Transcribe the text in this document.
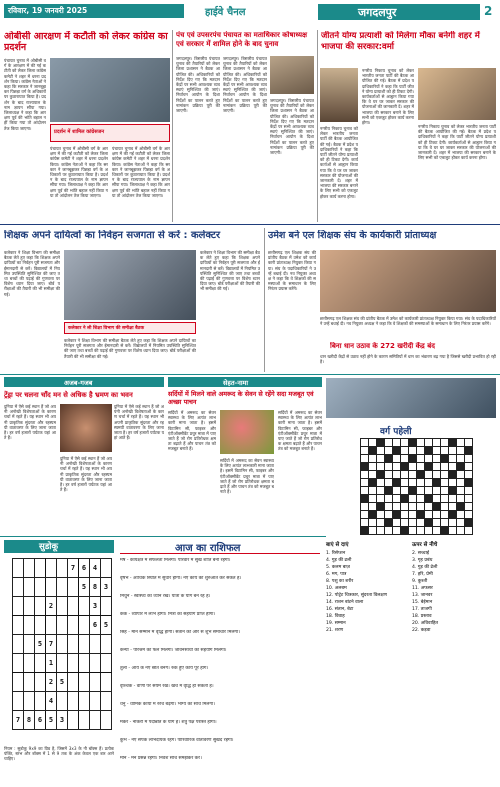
रविवार, 19 जनवरी 2025	हाईवे चैनल	जगदलपुर	2
ओबीसी आरक्षण में कटौती को लेकर कांग्रेस का प्रदर्शन
पंचायत चुनाव में ओबीसी वर्ग के आरक्षण में की गई कटौती को लेकर जिला कांग्रेस कमेटी ने शहर में धरना प्रदर्शन किया। कांग्रेस नेताओं ने कहा कि सरकार ने जानबूझकर पिछड़ा वर्ग के अधिकारों पर कुठाराघात किया है। प्रदर्शन के बाद राज्यपाल के नाम ज्ञापन सौंपा गया। जिलाध्यक्ष ने कहा कि आरक्षण पूर्व की भांति बहाल नहीं किया गया तो आंदोलन तेज किया जाएगा।
प्रदर्शन में शामिल कांग्रेसजन
पंचायत चुनाव में ओबीसी वर्ग के आरक्षण में की गई कटौती को लेकर जिला कांग्रेस कमेटी ने शहर में धरना प्रदर्शन किया। कांग्रेस नेताओं ने कहा कि सरकार ने जानबूझकर पिछड़ा वर्ग के अधिकारों पर कुठाराघात किया है। प्रदर्शन के बाद राज्यपाल के नाम ज्ञापन सौंपा गया। जिलाध्यक्ष ने कहा कि आरक्षण पूर्व की भांति बहाल नहीं किया गया तो आंदोलन तेज किया जाएगा।
पंचायत चुनाव में ओबीसी वर्ग के आरक्षण में की गई कटौती को लेकर जिला कांग्रेस कमेटी ने शहर में धरना प्रदर्शन किया। कांग्रेस नेताओं ने कहा कि सरकार ने जानबूझकर पिछड़ा वर्ग के अधिकारों पर कुठाराघात किया है। प्रदर्शन के बाद राज्यपाल के नाम ज्ञापन सौंपा गया। जिलाध्यक्ष ने कहा कि आरक्षण पूर्व की भांति बहाल नहीं किया गया तो आंदोलन तेज किया जाएगा।
पंच एवं उपसरपंच पंचायत का मताधिकार कोषाध्यक्ष एवं सरकार में शामिल होने के बाद चुनाव
जगदलपुर। त्रिस्तरीय पंचायत चुनाव की तैयारियों को लेकर जिला प्रशासन ने बैठक आयोजित की। अधिकारियों को निर्देश दिए गए कि मतदान केंद्रों पर सभी आवश्यक व्यवस्थाएं सुनिश्चित की जाएं। निर्वाचन आयोग के दिशा निर्देशों का पालन करते हुए नामांकन प्रक्रिया पूरी की जाएगी।
जगदलपुर। त्रिस्तरीय पंचायत चुनाव की तैयारियों को लेकर जिला प्रशासन ने बैठक आयोजित की। अधिकारियों को निर्देश दिए गए कि मतदान केंद्रों पर सभी आवश्यक व्यवस्थाएं सुनिश्चित की जाएं। निर्वाचन आयोग के दिशा निर्देशों का पालन करते हुए नामांकन प्रक्रिया पूरी की जाएगी।
जगदलपुर। त्रिस्तरीय पंचायत चुनाव की तैयारियों को लेकर जिला प्रशासन ने बैठक आयोजित की। अधिकारियों को निर्देश दिए गए कि मतदान केंद्रों पर सभी आवश्यक व्यवस्थाएं सुनिश्चित की जाएं। निर्वाचन आयोग के दिशा निर्देशों का पालन करते हुए नामांकन प्रक्रिया पूरी की जाएगी।
जीतने योग्य प्रत्याशी को मिलेगा मौका बनेगी शहर में भाजपा की सरकार:वर्मा
नगरीय निकाय चुनाव को लेकर भारतीय जनता पार्टी की बैठक आयोजित की गई। बैठक में प्रदेश पदाधिकारियों ने कहा कि पार्टी जीतने योग्य प्रत्याशी को ही टिकट देगी। कार्यकर्ताओं से आह्वान किया गया कि वे घर घर जाकर सरकार की योजनाओं की जानकारी दें। शहर में भाजपा की सरकार बनाने के लिए सभी को एकजुट होकर कार्य करना होगा।
नगरीय निकाय चुनाव को लेकर भारतीय जनता पार्टी की बैठक आयोजित की गई। बैठक में प्रदेश पदाधिकारियों ने कहा कि पार्टी जीतने योग्य प्रत्याशी को ही टिकट देगी। कार्यकर्ताओं से आह्वान किया गया कि वे घर घर जाकर सरकार की योजनाओं की जानकारी दें। शहर में भाजपा की सरकार बनाने के लिए सभी को एकजुट होकर कार्य करना होगा।
नगरीय निकाय चुनाव को लेकर भारतीय जनता पार्टी की बैठक आयोजित की गई। बैठक में प्रदेश पदाधिकारियों ने कहा कि पार्टी जीतने योग्य प्रत्याशी को ही टिकट देगी। कार्यकर्ताओं से आह्वान किया गया कि वे घर घर जाकर सरकार की योजनाओं की जानकारी दें। शहर में भाजपा की सरकार बनाने के लिए सभी को एकजुट होकर कार्य करना होगा।
शिक्षक अपने दायित्वों का निर्वहन सजगता से करें : कलेक्टर
कलेक्टर ने शिक्षा विभाग की समीक्षा बैठक लेते हुए कहा कि शिक्षक अपने दायित्वों का निर्वहन पूरी सजगता और ईमानदारी से करें। विद्यालयों में नियमित उपस्थिति सुनिश्चित की जाए तथा बच्चों की पढ़ाई की गुणवत्ता पर विशेष ध्यान दिया जाए। बोर्ड परीक्षाओं की तैयारी की भी समीक्षा की गई।
कलेक्टर ने ली शिक्षा विभाग की समीक्षा बैठक
कलेक्टर ने शिक्षा विभाग की समीक्षा बैठक लेते हुए कहा कि शिक्षक अपने दायित्वों का निर्वहन पूरी सजगता और ईमानदारी से करें। विद्यालयों में नियमित उपस्थिति सुनिश्चित की जाए तथा बच्चों की पढ़ाई की गुणवत्ता पर विशेष ध्यान दिया जाए। बोर्ड परीक्षाओं की तैयारी की भी समीक्षा की गई।
कलेक्टर ने शिक्षा विभाग की समीक्षा बैठक लेते हुए कहा कि शिक्षक अपने दायित्वों का निर्वहन पूरी सजगता और ईमानदारी से करें। विद्यालयों में नियमित उपस्थिति सुनिश्चित की जाए तथा बच्चों की पढ़ाई की गुणवत्ता पर विशेष ध्यान दिया जाए। बोर्ड परीक्षाओं की तैयारी की भी समीक्षा की गई।
उमेश बने एल शिक्षक संघ के कार्यकारी प्रांताध्यक्ष
छत्तीसगढ़ एल शिक्षक संघ की प्रांतीय बैठक में उमेश को कार्यकारी प्रांताध्यक्ष नियुक्त किया गया। संघ के पदाधिकारियों ने उन्हें बधाई दी। नव नियुक्त अध्यक्ष ने कहा कि वे शिक्षकों की समस्याओं के समाधान के लिए निरंतर प्रयास करेंगे।
छत्तीसगढ़ एल शिक्षक संघ की प्रांतीय बैठक में उमेश को कार्यकारी प्रांताध्यक्ष नियुक्त किया गया। संघ के पदाधिकारियों ने उन्हें बधाई दी। नव नियुक्त अध्यक्ष ने कहा कि वे शिक्षकों की समस्याओं के समाधान के लिए निरंतर प्रयास करेंगे।
बिना धान उठाव के 272 खरीदी केंद्र बंद
धान खरीदी केंद्रों से उठाव नहीं होने के कारण समितियों में धान का भंडारण बढ़ गया है जिससे खरीदी प्रभावित हो रही है।
अजब-गजब
ट्रेंड्रा पर चलना चाँद मन से अधिक है भ्रमण का भवन
दुनिया में ऐसे कई स्थान हैं जो अपनी अनोखी विशेषताओं के कारण चर्चा में रहते हैं। यह स्थान भी अपनी प्राकृतिक सुंदरता और रहस्यमयी वातावरण के लिए जाना जाता है। हर वर्ष हजारों पर्यटक यहां आते हैं।
दुनिया में ऐसे कई स्थान हैं जो अपनी अनोखी विशेषताओं के कारण चर्चा में रहते हैं। यह स्थान भी अपनी प्राकृतिक सुंदरता और रहस्यमयी वातावरण के लिए जाना जाता है। हर वर्ष हजारों पर्यटक यहां आते हैं।
दुनिया में ऐसे कई स्थान हैं जो अपनी अनोखी विशेषताओं के कारण चर्चा में रहते हैं। यह स्थान भी अपनी प्राकृतिक सुंदरता और रहस्यमयी वातावरण के लिए जाना जाता है। हर वर्ष हजारों पर्यटक यहां आते हैं।
सेहत-नामा
सर्दियों में मिलने वाले अमरूद के सेवन से रहेंगे सदा मजबूत एवं अच्छा पाचन
सर्दियों में अमरूद का सेवन स्वास्थ्य के लिए अत्यंत लाभकारी माना जाता है। इसमें विटामिन सी, फाइबर और एंटीऑक्सीडेंट प्रचुर मात्रा में पाए जाते हैं जो रोग प्रतिरोधक क्षमता बढ़ाते हैं और पाचन तंत्र को मजबूत बनाते हैं।
सर्दियों में अमरूद का सेवन स्वास्थ्य के लिए अत्यंत लाभकारी माना जाता है। इसमें विटामिन सी, फाइबर और एंटीऑक्सीडेंट प्रचुर मात्रा में पाए जाते हैं जो रोग प्रतिरोधक क्षमता बढ़ाते हैं और पाचन तंत्र को मजबूत बनाते हैं।
सर्दियों में अमरूद का सेवन स्वास्थ्य के लिए अत्यंत लाभकारी माना जाता है। इसमें विटामिन सी, फाइबर और एंटीऑक्सीडेंट प्रचुर मात्रा में पाए जाते हैं जो रोग प्रतिरोधक क्षमता बढ़ाते हैं और पाचन तंत्र को मजबूत बनाते हैं।
वर्ग पहेली

बाएं से दाएं
1. रिसेप्शन
4. गुड़ की ढली
5. कलम बाज़
6. मग, पात्र
8. पशु का शरीर
10. अलबम
12. पोट्रेट चित्रकार, सुंदरता विलक्षण
14. राशन बांटने वाला
16. संतान, बेटा
18. विवाह
19. सम्मान
21. शरण
ऊपर से नीचे
2. सच्चाई
3. गृह प्रबंध
4. गुड़ की ढेली
7. हरि, प्रेमी
9. कुश्ती
11. अफसर
13. जानवर
15. बेईमान
17. ताजगी
18. प्रस्ताव
20. अविवाहित
22. कड़वा
सुडोकू
					7	6	4	
						5	8	3
			2				3	
							6	5
		5	7					
			1					
			2	5				
			4					
7	8	6	5	3				
नियम : सुडोकू 9x9 का ग्रिड है, जिसमें 3x3 के नौ बॉक्स हैं। प्रत्येक पंक्ति, स्तंभ और बॉक्स में 1 से 9 तक के अंक केवल एक बार आने चाहिए।
आज का राशिफल
मेष - कार्यक्षेत्र में सफलता मिलेगी। परिवार में सुख शांति बनी रहेगी।
वृषभ - आर्थिक स्थिति में सुधार होगा। नए कार्य की शुरुआत कर सकते हैं।
मिथुन - स्वास्थ्य का ध्यान रखें। यात्रा के योग बन रहे हैं।
कर्क - व्यापार में लाभ होगा। मित्रों का सहयोग प्राप्त होगा।
सिंह - मान सम्मान में वृद्धि होगी। संतान की ओर से शुभ समाचार मिलेगा।
कन्या - परिश्रम का फल मिलेगा। जीवनसाथी का सहयोग मिलेगा।
तुला - आय के नए स्रोत बनेंगे। रुके हुए कार्य पूरे होंगे।
वृश्चिक - वाणी पर संयम रखें। खर्च में वृद्धि हो सकती है।
धनु - धार्मिक कार्यों में रुचि बढ़ेगी। भाग्य का साथ मिलेगा।
मकर - नौकरी में पदोन्नति के योग हैं। शत्रु पक्ष परास्त होगा।
कुंभ - नए संपर्क लाभदायक रहेंगे। पारिवारिक वातावरण सुखद रहेगा।
मीन - मन प्रसन्न रहेगा। निवेश सोच समझकर करें।
